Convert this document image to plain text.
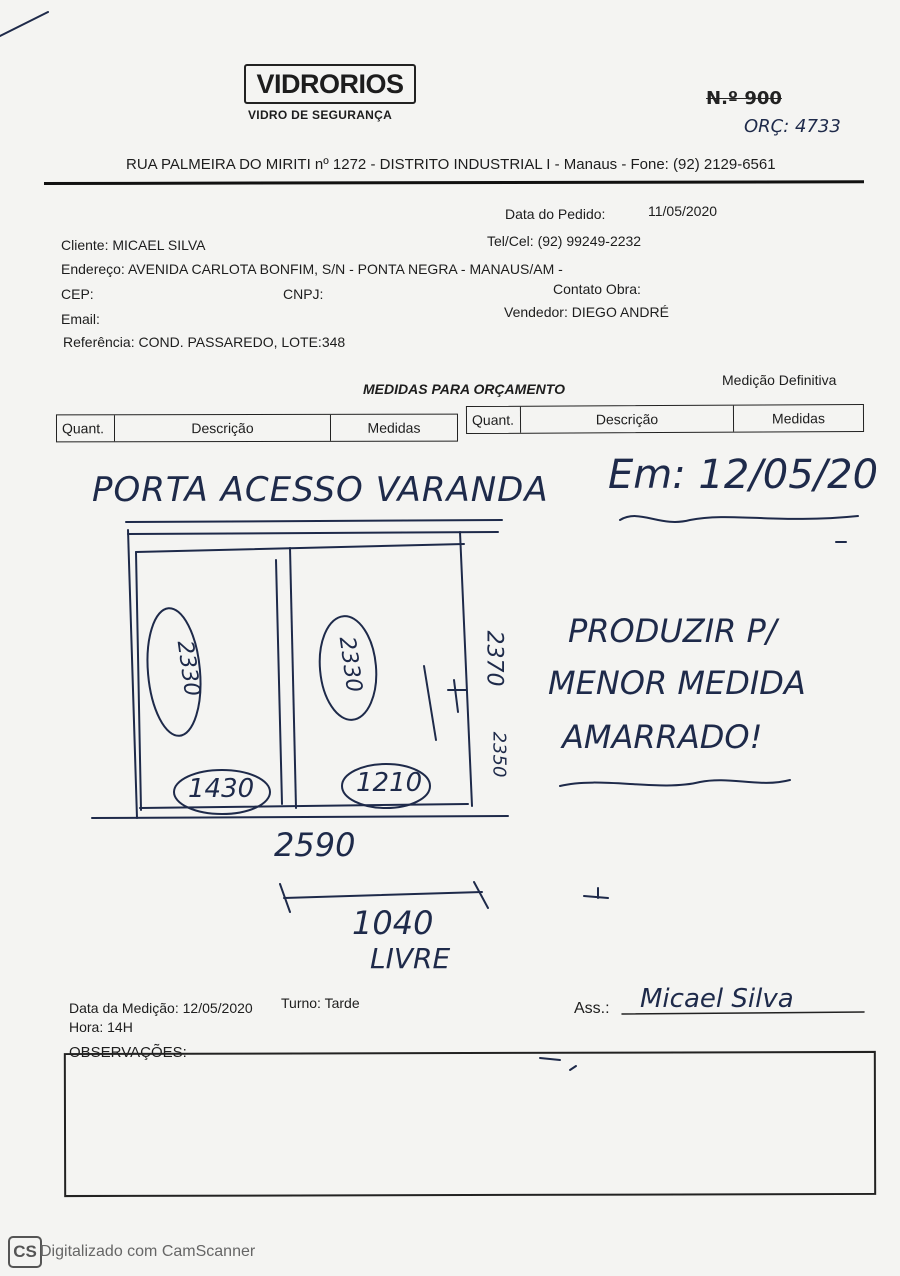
VIDRORIOS
VIDRO DE SEGURANÇA
N.º 900
ORÇ: 4733
RUA PALMEIRA DO MIRITI nº 1272 - DISTRITO INDUSTRIAL I - Manaus - Fone: (92) 2129-6561
Data do Pedido:	11/05/2020
Cliente: MICAEL SILVA	Tel/Cel: (92) 99249-2232
Endereço: AVENIDA CARLOTA BONFIM, S/N - PONTA NEGRA - MANAUS/AM -
CEP:	CNPJ:	Contato Obra:
Email:	Vendedor: DIEGO ANDRÉ
Referência: COND. PASSAREDO, LOTE:348
MEDIDAS PARA ORÇAMENTO
Medição Definitiva
Quant.	Descrição	Medidas	Quant.	Descrição	Medidas
PORTA ACESSO VARANDA Em: 12/05/20
2330	2330	2370
2350
1430	1210
2590
1040
LIVRE
PRODUZIR P/
MENOR MEDIDA
AMARRADO!
Data da Medição: 12/05/2020 Turno: Tarde
Hora: 14H
Ass.: Micael Silva
OBSERVAÇÕES:
CS Digitalizado com CamScanner
